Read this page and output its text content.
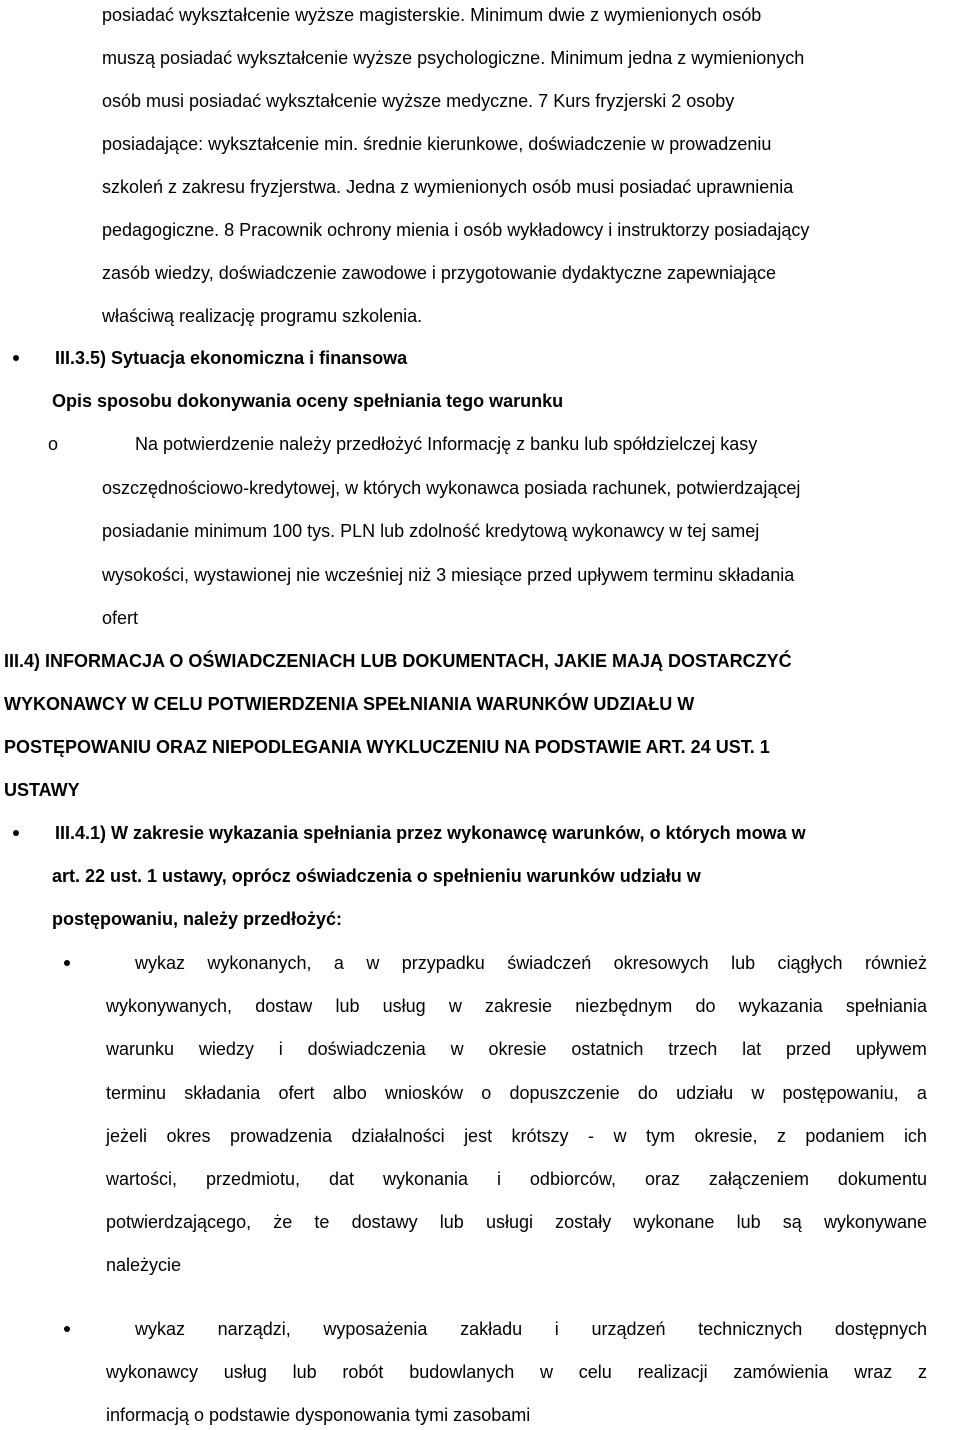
posiadać wykształcenie wyższe magisterskie. Minimum dwie z wymienionych osób

muszą posiadać wykształcenie wyższe psychologiczne. Minimum jedna z wymienionych

osób musi posiadać wykształcenie wyższe medyczne. 7 Kurs fryzjerski 2 osoby

posiadające: wykształcenie min. średnie kierunkowe, doświadczenie w prowadzeniu

szkoleń z zakresu fryzjerstwa. Jedna z wymienionych osób musi posiadać uprawnienia

pedagogiczne. 8 Pracownik ochrony mienia i osób wykładowcy i instruktorzy posiadający

zasób wiedzy, doświadczenie zawodowe i przygotowanie dydaktyczne zapewniające

właściwą realizację programu szkolenia.

III.3.5) Sytuacja ekonomiczna i finansowa

Opis sposobu dokonywania oceny spełniania tego warunku

o	Na potwierdzenie należy przedłożyć Informację z banku lub spółdzielczej kasy

oszczędnościowo-kredytowej, w których wykonawca posiada rachunek, potwierdzającej

posiadanie minimum 100 tys. PLN lub zdolność kredytową wykonawcy w tej samej

wysokości, wystawionej nie wcześniej niż 3 miesiące przed upływem terminu składania

ofert

III.4) INFORMACJA O OŚWIADCZENIACH LUB DOKUMENTACH, JAKIE MAJĄ DOSTARCZYĆ

WYKONAWCY W CELU POTWIERDZENIA SPEŁNIANIA WARUNKÓW UDZIAŁU W

POSTĘPOWANIU ORAZ NIEPODLEGANIA WYKLUCZENIU NA PODSTAWIE ART. 24 UST. 1

USTAWY

III.4.1) W zakresie wykazania spełniania przez wykonawcę warunków, o których mowa w

art. 22 ust. 1 ustawy, oprócz oświadczenia o spełnieniu warunków udziału w

postępowaniu, należy przedłożyć:

wykaz wykonanych, a w przypadku świadczeń okresowych lub ciągłych również

wykonywanych, dostaw lub usług w zakresie niezbędnym do wykazania spełniania

warunku wiedzy i doświadczenia w okresie ostatnich trzech lat przed upływem

terminu składania ofert albo wniosków o dopuszczenie do udziału w postępowaniu, a

jeżeli okres prowadzenia działalności jest krótszy - w tym okresie, z podaniem ich

wartości, przedmiotu, dat wykonania i odbiorców, oraz załączeniem dokumentu

potwierdzającego, że te dostawy lub usługi zostały wykonane lub są wykonywane

należycie

wykaz narządzi, wyposażenia zakładu i urządzeń technicznych dostępnych

wykonawcy usług lub robót budowlanych w celu realizacji zamówienia wraz z

informacją o podstawie dysponowania tymi zasobami
